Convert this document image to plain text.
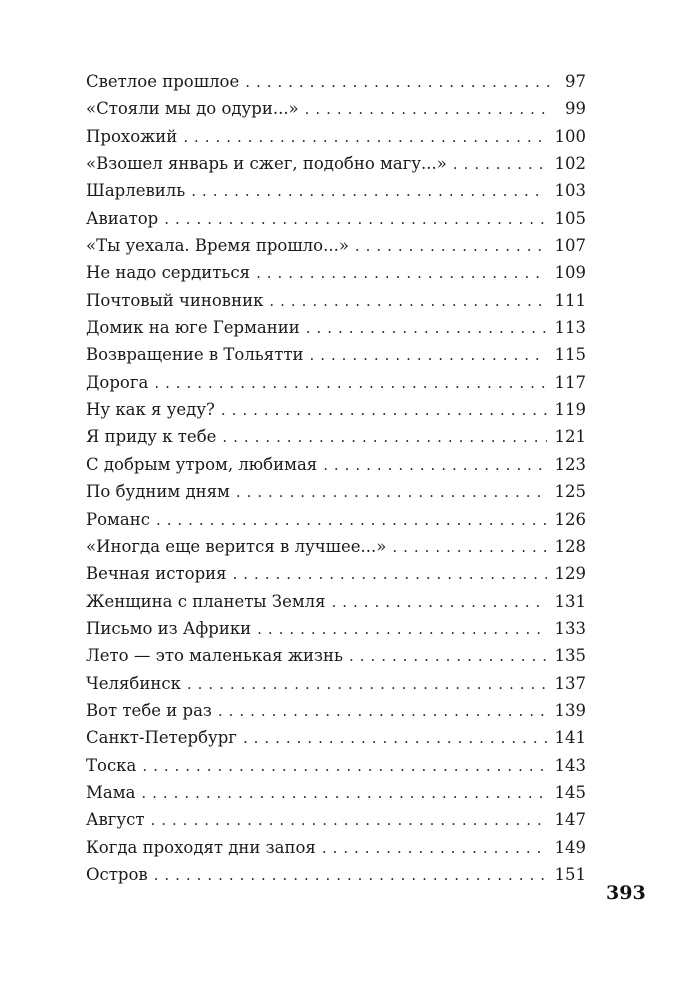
Светлое прошлое . . .	97
«Стояли мы до одури...» . . .	99
Прохожий . . .	100
«Взошел январь и сжег, подобно магу...» . . .	102
Шарлевиль . . .	103
Авиатор . . .	105
«Ты уехала. Время прошло...» . . .	107
Не надо сердиться . . .	109
Почтовый чиновник . . .	111
Домик на юге Германии . . .	113
Возвращение в Тольятти . . .	115
Дорога . . .	117
Ну как я уеду? . . .	119
Я приду к тебе . . .	121
С добрым утром, любимая . . .	123
По будним дням . . .	125
Романс . . .	126
«Иногда еще верится в лучшее...» . . .	128
Вечная история . . .	129
Женщина с планеты Земля . . .	131
Письмо из Африки . . .	133
Лето — это маленькая жизнь . . .	135
Челябинск . . .	137
Вот тебе и раз . . .	139
Санкт-Петербург . . .	141
Тоска . . .	143
Мама . . .	145
Август . . .	147
Когда проходят дни запоя . . .	149
Остров . . .	151
393
